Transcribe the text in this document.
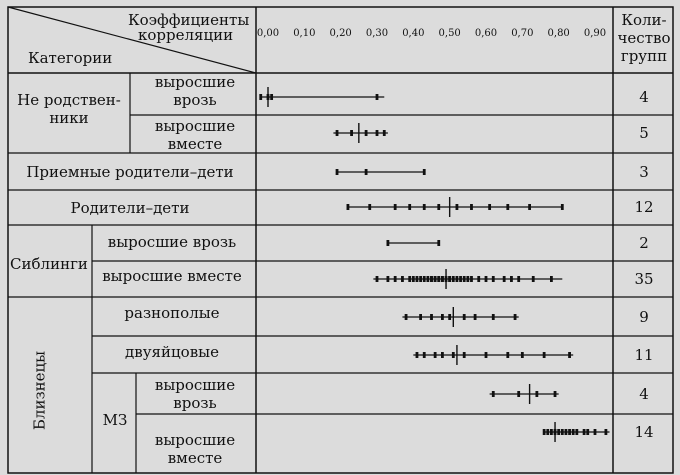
Коэффициенты
корреляции
Категории
Коли-
чество
групп
Не родствен-
ники
Сиблинги
Близнецы	МЗ
выросшие
врозь
выросшие
вместе
Приемные родители–дети
Родители–дети
выросшие врозь
выросшие вместе
разнополые
двуяйцовые
выросшие
врозь
выросшие
вместе
0,00 0,10 0,20 0,30 0,40 0,50 0,60 0,70 0,80 0,90
4
5
3
12
2
35
9
11
4
14
